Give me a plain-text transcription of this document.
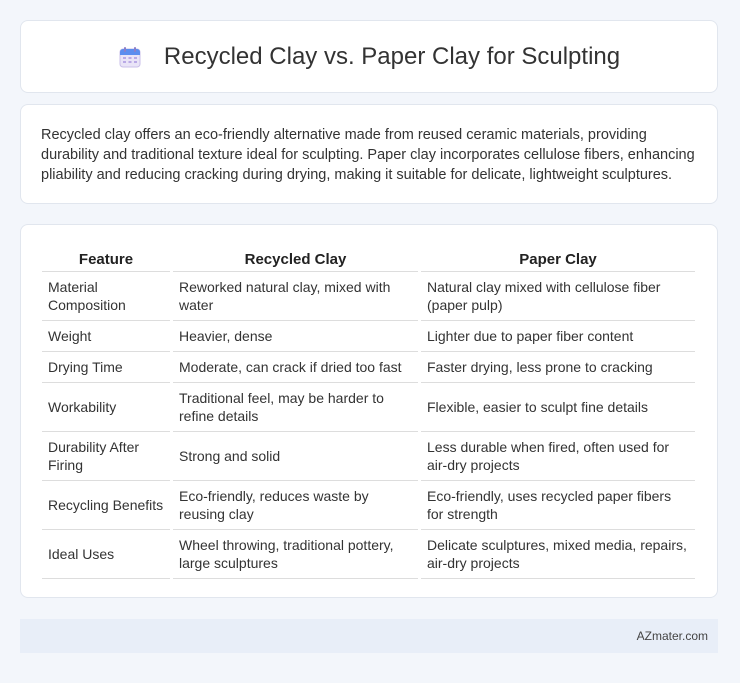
Recycled Clay vs. Paper Clay for Sculpting

Recycled clay offers an eco-friendly alternative made from reused ceramic materials, providing durability and traditional texture ideal for sculpting. Paper clay incorporates cellulose fibers, enhancing pliability and reducing cracking during drying, making it suitable for delicate, lightweight sculptures.

Feature	Recycled Clay	Paper Clay
Material Composition	Reworked natural clay, mixed with water	Natural clay mixed with cellulose fiber (paper pulp)
Weight	Heavier, dense	Lighter due to paper fiber content
Drying Time	Moderate, can crack if dried too fast	Faster drying, less prone to cracking
Workability	Traditional feel, may be harder to refine details	Flexible, easier to sculpt fine details
Durability After Firing	Strong and solid	Less durable when fired, often used for air-dry projects
Recycling Benefits	Eco-friendly, reduces waste by reusing clay	Eco-friendly, uses recycled paper fibers for strength
Ideal Uses	Wheel throwing, traditional pottery, large sculptures	Delicate sculptures, mixed media, repairs, air-dry projects
AZmater.com
